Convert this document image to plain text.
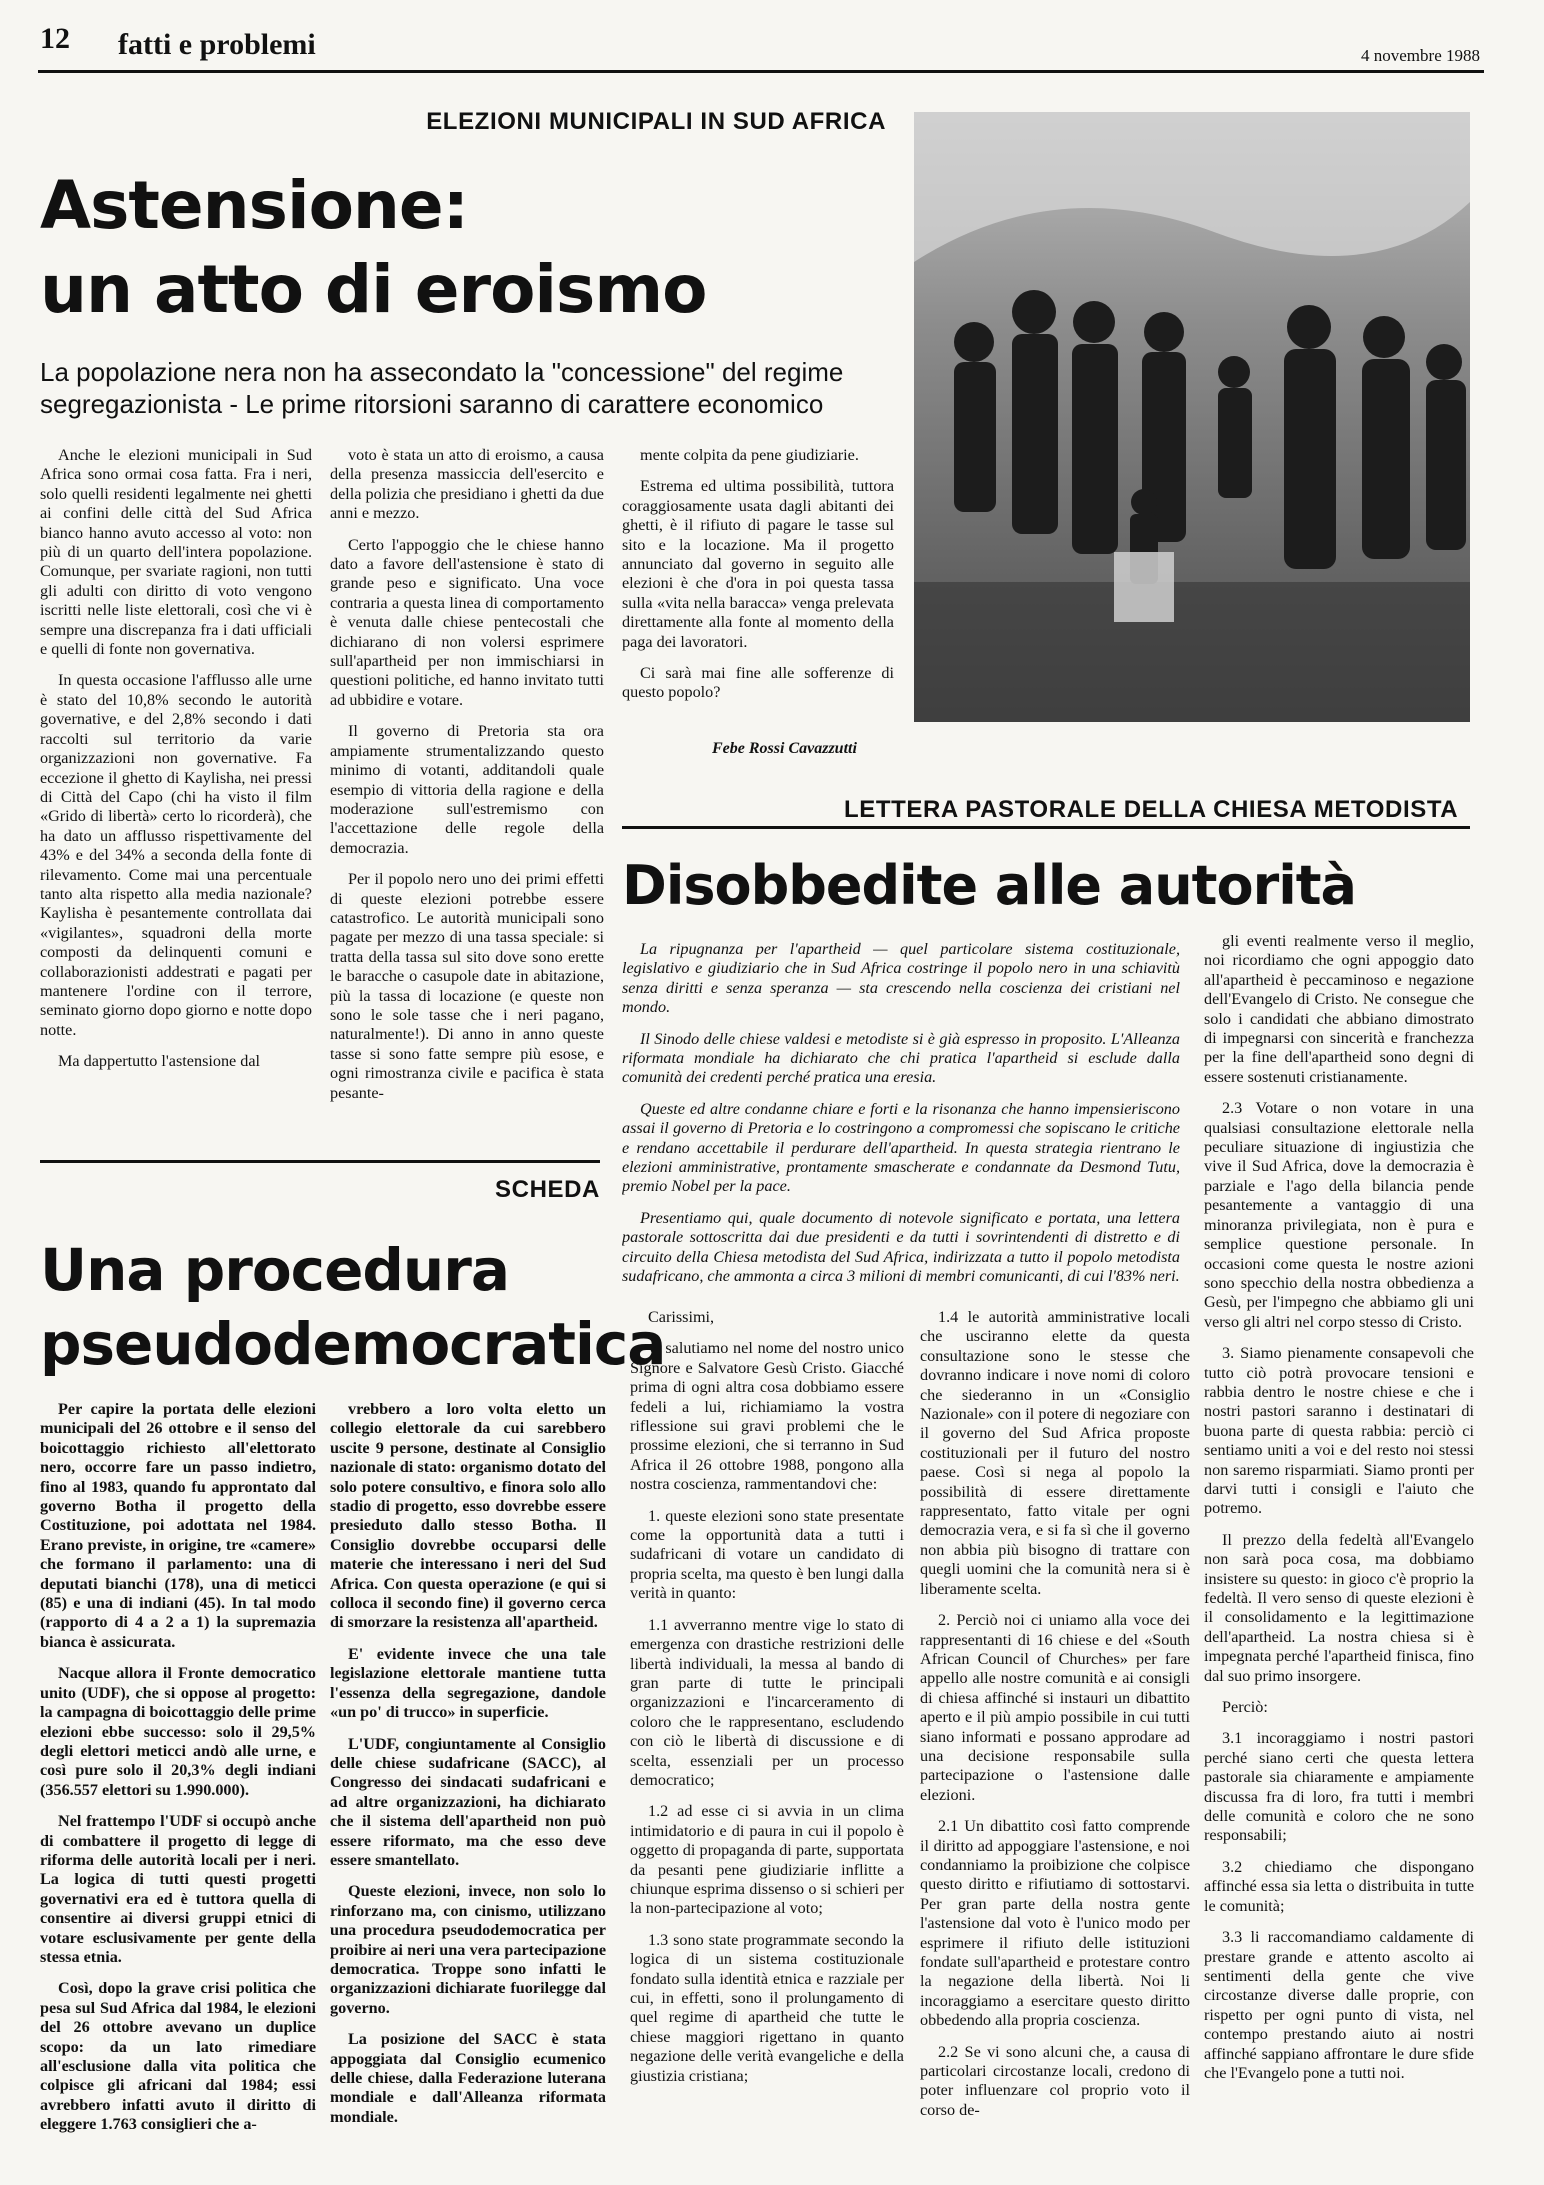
12 fatti e problemi	4 novembre 1988
ELEZIONI MUNICIPALI IN SUD AFRICA
Astensione:
un atto di eroismo
La popolazione nera non ha assecondato la "concessione" del regime segregazionista - Le prime ritorsioni saranno di carattere economico

Anche le elezioni municipali in Sud Africa sono ormai cosa fatta. Fra i neri, solo quelli residenti legalmente nei ghetti ai confini delle città del Sud Africa bianco hanno avuto accesso al voto: non più di un quarto dell'intera popolazione. Comunque, per svariate ragioni, non tutti gli adulti con diritto di voto vengono iscritti nelle liste elettorali, così che vi è sempre una discrepanza fra i dati ufficiali e quelli di fonte non governativa.

In questa occasione l'afflusso alle urne è stato del 10,8% secondo le autorità governative, e del 2,8% secondo i dati raccolti sul territorio da varie organizzazioni non governative. Fa eccezione il ghetto di Kaylisha, nei pressi di Città del Capo (chi ha visto il film «Grido di libertà» certo lo ricorderà), che ha dato un afflusso rispettivamente del 43% e del 34% a seconda della fonte di rilevamento. Come mai una percentuale tanto alta rispetto alla media nazionale? Kaylisha è pesantemente controllata dai «vigilantes», squadroni della morte composti da delinquenti comuni e collaborazionisti addestrati e pagati per mantenere l'ordine con il terrore, seminato giorno dopo giorno e notte dopo notte.

Ma dappertutto l'astensione dal

voto è stata un atto di eroismo, a causa della presenza massiccia dell'esercito e della polizia che presidiano i ghetti da due anni e mezzo.

Certo l'appoggio che le chiese hanno dato a favore dell'astensione è stato di grande peso e significato. Una voce contraria a questa linea di comportamento è venuta dalle chiese pentecostali che dichiarano di non volersi esprimere sull'apartheid per non immischiarsi in questioni politiche, ed hanno invitato tutti ad ubbidire e votare.

Il governo di Pretoria sta ora ampiamente strumentalizzando questo minimo di votanti, additandoli quale esempio di vittoria della ragione e della moderazione sull'estremismo con l'accettazione delle regole della democrazia.

Per il popolo nero uno dei primi effetti di queste elezioni potrebbe essere catastrofico. Le autorità municipali sono pagate per mezzo di una tassa speciale: si tratta della tassa sul sito dove sono erette le baracche o casupole date in abitazione, più la tassa di locazione (e queste non sono le sole tasse che i neri pagano, naturalmente!). Di anno in anno queste tasse si sono fatte sempre più esose, e ogni rimostranza civile e pacifica è stata pesante-

mente colpita da pene giudiziarie.

Estrema ed ultima possibilità, tuttora coraggiosamente usata dagli abitanti dei ghetti, è il rifiuto di pagare le tasse sul sito e la locazione. Ma il progetto annunciato dal governo in seguito alle elezioni è che d'ora in poi questa tassa sulla «vita nella baracca» venga prelevata direttamente alla fonte al momento della paga dei lavoratori.

Ci sarà mai fine alle sofferenze di questo popolo?

Febe Rossi Cavazzutti
LETTERA PASTORALE DELLA CHIESA METODISTA
Disobbedite alle autorità

La ripugnanza per l'apartheid — quel particolare sistema costituzionale, legislativo e giudiziario che in Sud Africa costringe il popolo nero in una schiavitù senza diritti e senza speranza — sta crescendo nella coscienza dei cristiani nel mondo.

Il Sinodo delle chiese valdesi e metodiste si è già espresso in proposito. L'Alleanza riformata mondiale ha dichiarato che chi pratica l'apartheid si esclude dalla comunità dei credenti perché pratica una eresia.

Queste ed altre condanne chiare e forti e la risonanza che hanno impensieriscono assai il governo di Pretoria e lo costringono a compromessi che sopiscano le critiche e rendano accettabile il perdurare dell'apartheid. In questa strategia rientrano le elezioni amministrative, prontamente smascherate e condannate da Desmond Tutu, premio Nobel per la pace.

Presentiamo qui, quale documento di notevole significato e portata, una lettera pastorale sottoscritta dai due presidenti e da tutti i sovrintendenti di distretto e di circuito della Chiesa metodista del Sud Africa, indirizzata a tutto il popolo metodista sudafricano, che ammonta a circa 3 milioni di membri comunicanti, di cui l'83% neri.

Carissimi,

vi salutiamo nel nome del nostro unico Signore e Salvatore Gesù Cristo. Giacché prima di ogni altra cosa dobbiamo essere fedeli a lui, richiamiamo la vostra riflessione sui gravi problemi che le prossime elezioni, che si terranno in Sud Africa il 26 ottobre 1988, pongono alla nostra coscienza, rammentandovi che:

1. queste elezioni sono state presentate come la opportunità data a tutti i sudafricani di votare un candidato di propria scelta, ma questo è ben lungi dalla verità in quanto:

1.1 avverranno mentre vige lo stato di emergenza con drastiche restrizioni delle libertà individuali, la messa al bando di gran parte di tutte le principali organizzazioni e l'incarceramento di coloro che le rappresentano, escludendo con ciò le libertà di discussione e di scelta, essenziali per un processo democratico;

1.2 ad esse ci si avvia in un clima intimidatorio e di paura in cui il popolo è oggetto di propaganda di parte, supportata da pesanti pene giudiziarie inflitte a chiunque esprima dissenso o si schieri per la non-partecipazione al voto;

1.3 sono state programmate secondo la logica di un sistema costituzionale fondato sulla identità etnica e razziale per cui, in effetti, sono il prolungamento di quel regime di apartheid che tutte le chiese maggiori rigettano in quanto negazione delle verità evangeliche e della giustizia cristiana;

1.4 le autorità amministrative locali che usciranno elette da questa consultazione sono le stesse che dovranno indicare i nove nomi di coloro che siederanno in un «Consiglio Nazionale» con il potere di negoziare con il governo del Sud Africa proposte costituzionali per il futuro del nostro paese. Così si nega al popolo la possibilità di essere direttamente rappresentato, fatto vitale per ogni democrazia vera, e si fa sì che il governo non abbia più bisogno di trattare con quegli uomini che la comunità nera si è liberamente scelta.

2. Perciò noi ci uniamo alla voce dei rappresentanti di 16 chiese e del «South African Council of Churches» per fare appello alle nostre comunità e ai consigli di chiesa affinché si instauri un dibattito aperto e il più ampio possibile in cui tutti siano informati e possano approdare ad una decisione responsabile sulla partecipazione o l'astensione dalle elezioni.

2.1 Un dibattito così fatto comprende il diritto ad appoggiare l'astensione, e noi condanniamo la proibizione che colpisce questo diritto e rifiutiamo di sottostarvi. Per gran parte della nostra gente l'astensione dal voto è l'unico modo per esprimere il rifiuto delle istituzioni fondate sull'apartheid e protestare contro la negazione della libertà. Noi li incoraggiamo a esercitare questo diritto obbedendo alla propria coscienza.

2.2 Se vi sono alcuni che, a causa di particolari circostanze locali, credono di poter influenzare col proprio voto il corso de-

gli eventi realmente verso il meglio, noi ricordiamo che ogni appoggio dato all'apartheid è peccaminoso e negazione dell'Evangelo di Cristo. Ne consegue che solo i candidati che abbiano dimostrato di impegnarsi con sincerità e franchezza per la fine dell'apartheid sono degni di essere sostenuti cristianamente.

2.3 Votare o non votare in una qualsiasi consultazione elettorale nella peculiare situazione di ingiustizia che vive il Sud Africa, dove la democrazia è parziale e l'ago della bilancia pende pesantemente a vantaggio di una minoranza privilegiata, non è pura e semplice questione personale. In occasioni come questa le nostre azioni sono specchio della nostra obbedienza a Gesù, per l'impegno che abbiamo gli uni verso gli altri nel corpo stesso di Cristo.

3. Siamo pienamente consapevoli che tutto ciò potrà provocare tensioni e rabbia dentro le nostre chiese e che i nostri pastori saranno i destinatari di buona parte di questa rabbia: perciò ci sentiamo uniti a voi e del resto noi stessi non saremo risparmiati. Siamo pronti per darvi tutti i consigli e l'aiuto che potremo.

Il prezzo della fedeltà all'Evangelo non sarà poca cosa, ma dobbiamo insistere su questo: in gioco c'è proprio la fedeltà. Il vero senso di queste elezioni è il consolidamento e la legittimazione dell'apartheid. La nostra chiesa si è impegnata perché l'apartheid finisca, fino dal suo primo insorgere.

Perciò:

3.1 incoraggiamo i nostri pastori perché siano certi che questa lettera pastorale sia chiaramente e ampiamente discussa fra di loro, fra tutti i membri delle comunità e coloro che ne sono responsabili;

3.2 chiediamo che dispongano affinché essa sia letta o distribuita in tutte le comunità;

3.3 li raccomandiamo caldamente di prestare grande e attento ascolto ai sentimenti della gente che vive circostanze diverse dalle proprie, con rispetto per ogni punto di vista, nel contempo prestando aiuto ai nostri affinché sappiano affrontare le dure sfide che l'Evangelo pone a tutti noi.

SCHEDA
Una procedura
pseudodemocratica

Per capire la portata delle elezioni municipali del 26 ottobre e il senso del boicottaggio richiesto all'elettorato nero, occorre fare un passo indietro, fino al 1983, quando fu approntato dal governo Botha il progetto della Costituzione, poi adottata nel 1984. Erano previste, in origine, tre «camere» che formano il parlamento: una di deputati bianchi (178), una di meticci (85) e una di indiani (45). In tal modo (rapporto di 4 a 2 a 1) la supremazia bianca è assicurata.

Nacque allora il Fronte democratico unito (UDF), che si oppose al progetto: la campagna di boicottaggio delle prime elezioni ebbe successo: solo il 29,5% degli elettori meticci andò alle urne, e così pure solo il 20,3% degli indiani (356.557 elettori su 1.990.000).

Nel frattempo l'UDF si occupò anche di combattere il progetto di legge di riforma delle autorità locali per i neri. La logica di tutti questi progetti governativi era ed è tuttora quella di consentire ai diversi gruppi etnici di votare esclusivamente per gente della stessa etnia.

Così, dopo la grave crisi politica che pesa sul Sud Africa dal 1984, le elezioni del 26 ottobre avevano un duplice scopo: da un lato rimediare all'esclusione dalla vita politica che colpisce gli africani dal 1984; essi avrebbero infatti avuto il diritto di eleggere 1.763 consiglieri che a-

vrebbero a loro volta eletto un collegio elettorale da cui sarebbero uscite 9 persone, destinate al Consiglio nazionale di stato: organismo dotato del solo potere consultivo, e finora solo allo stadio di progetto, esso dovrebbe essere presieduto dallo stesso Botha. Il Consiglio dovrebbe occuparsi delle materie che interessano i neri del Sud Africa. Con questa operazione (e qui si colloca il secondo fine) il governo cerca di smorzare la resistenza all'apartheid.

E' evidente invece che una tale legislazione elettorale mantiene tutta l'essenza della segregazione, dandole «un po' di trucco» in superficie.

L'UDF, congiuntamente al Consiglio delle chiese sudafricane (SACC), al Congresso dei sindacati sudafricani e ad altre organizzazioni, ha dichiarato che il sistema dell'apartheid non può essere riformato, ma che esso deve essere smantellato.

Queste elezioni, invece, non solo lo rinforzano ma, con cinismo, utilizzano una procedura pseudodemocratica per proibire ai neri una vera partecipazione democratica. Troppe sono infatti le organizzazioni dichiarate fuorilegge dal governo.

La posizione del SACC è stata appoggiata dal Consiglio ecumenico delle chiese, dalla Federazione luterana mondiale e dall'Alleanza riformata mondiale.
